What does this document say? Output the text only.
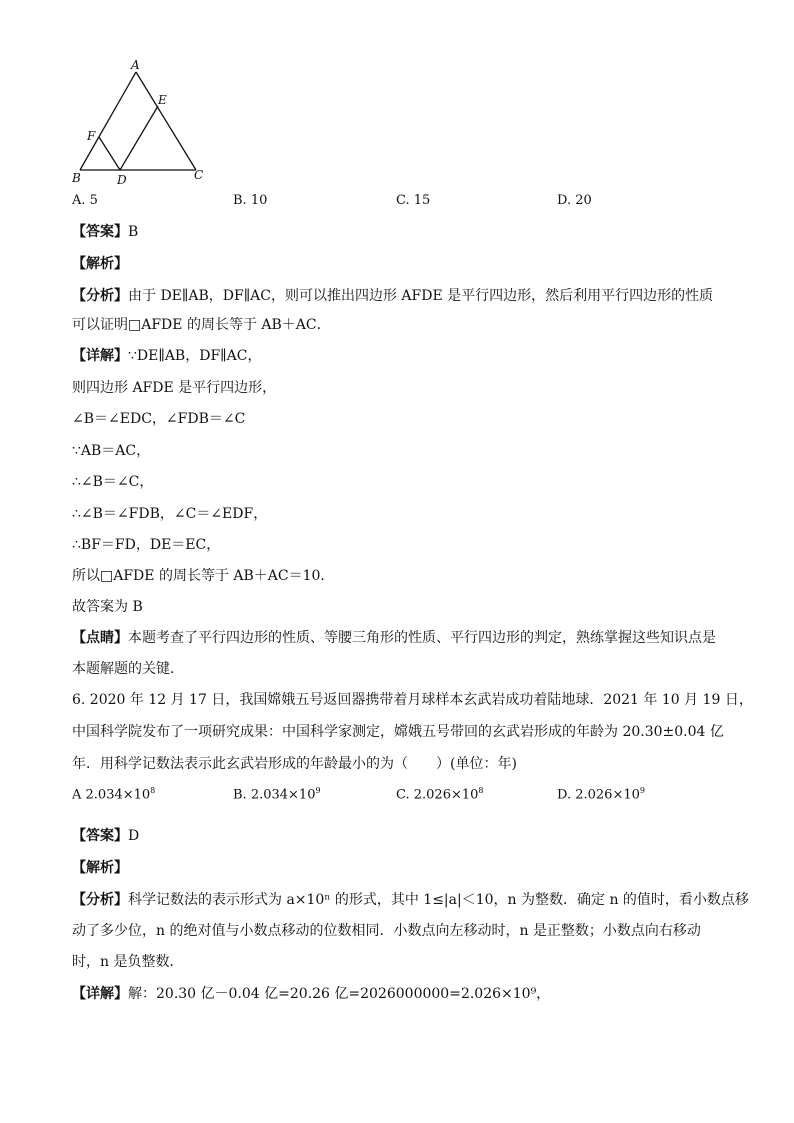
A
E
F
B	D	C
A. 5	B. 10	C. 15	D. 20
【答案】B
【解析】
【分析】由于 DE∥AB，DF∥AC，则可以推出四边形 AFDE 是平行四边形，然后利用平行四边形的性质
可以证明□AFDE 的周长等于 AB＋AC．
【详解】∵DE∥AB，DF∥AC，
则四边形 AFDE 是平行四边形，
∠B＝∠EDC，∠FDB＝∠C
∵AB＝AC，
∴∠B＝∠C，
∴∠B＝∠FDB，∠C＝∠EDF，
∴BF＝FD，DE＝EC，
所以□AFDE 的周长等于 AB＋AC＝10．
故答案为 B
【点睛】本题考查了平行四边形的性质、等腰三角形的性质、平行四边形的判定，熟练掌握这些知识点是
本题解题的关键．
6. 2020 年 12 月 17 日，我国嫦娥五号返回器携带着月球样本玄武岩成功着陆地球．2021 年 10 月 19 日，
中国科学院发布了一项研究成果：中国科学家测定，嫦娥五号带回的玄武岩形成的年龄为 20.30±0.04 亿
年．用科学记数法表示此玄武岩形成的年龄最小的为（　　）(单位：年)
A $2.034\times 10^8$	B. $2.034\times 10^9$	C. $2.026\times 10^8$	D. $2.026\times 10^9$
【答案】D
【解析】
【分析】科学记数法的表示形式为 a×10ⁿ 的形式，其中 1≤|a|＜10，n 为整数．确定 n 的值时，看小数点移
动了多少位，n 的绝对值与小数点移动的位数相同．小数点向左移动时，n 是正整数；小数点向右移动
时，n 是负整数．
【详解】解：20.30 亿－0.04 亿=20.26 亿=2026000000=2.026×10⁹，
